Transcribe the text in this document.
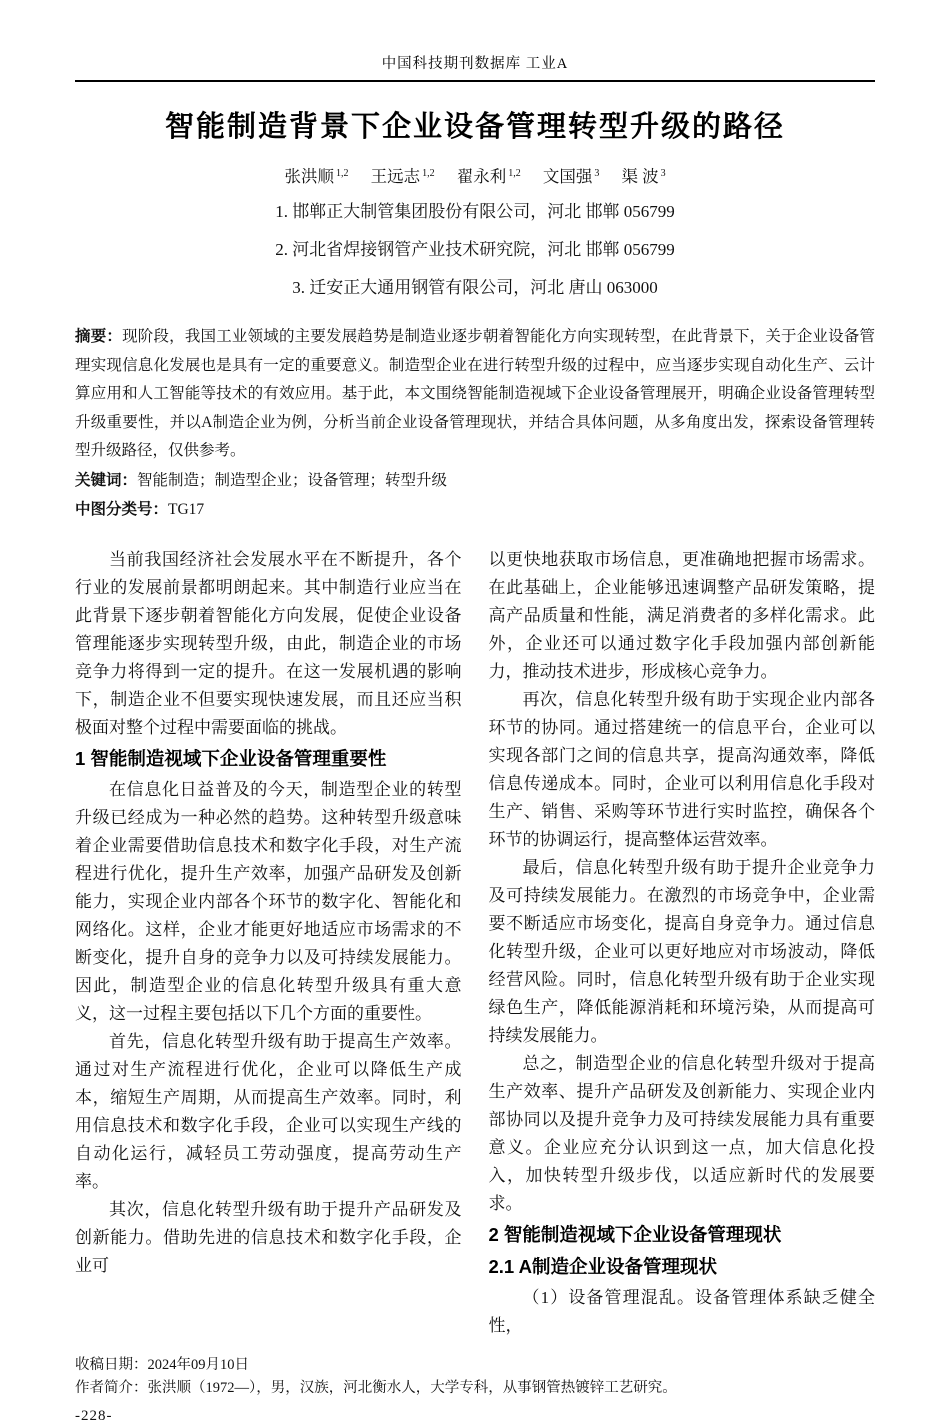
中国科技期刊数据库 工业A
智能制造背景下企业设备管理转型升级的路径
张洪顺 $^{1,2}$ 王远志 $^{1,2}$ 翟永利 $^{1,2}$ 文国强 $^3$ 渠 波 $^3$
1. 邯郸正大制管集团股份有限公司，河北 邯郸 056799
2. 河北省焊接钢管产业技术研究院，河北 邯郸 056799
3. 迁安正大通用钢管有限公司，河北 唐山 063000
摘要：现阶段，我国工业领域的主要发展趋势是制造业逐步朝着智能化方向实现转型，在此背景下，关于企业设备管理实现信息化发展也是具有一定的重要意义。制造型企业在进行转型升级的过程中，应当逐步实现自动化生产、云计算应用和人工智能等技术的有效应用。基于此，本文围绕智能制造视域下企业设备管理展开，明确企业设备管理转型升级重要性，并以A制造企业为例，分析当前企业设备管理现状，并结合具体问题，从多角度出发，探索设备管理转型升级路径，仅供参考。
关键词：智能制造；制造型企业；设备管理；转型升级
中图分类号：TG17

当前我国经济社会发展水平在不断提升，各个行业的发展前景都明朗起来。其中制造行业应当在此背景下逐步朝着智能化方向发展，促使企业设备管理能逐步实现转型升级，由此，制造企业的市场竞争力将得到一定的提升。在这一发展机遇的影响下，制造企业不但要实现快速发展，而且还应当积极面对整个过程中需要面临的挑战。

1 智能制造视域下企业设备管理重要性

在信息化日益普及的今天，制造型企业的转型升级已经成为一种必然的趋势。这种转型升级意味着企业需要借助信息技术和数字化手段，对生产流程进行优化，提升生产效率，加强产品研发及创新能力，实现企业内部各个环节的数字化、智能化和网络化。这样，企业才能更好地适应市场需求的不断变化，提升自身的竞争力以及可持续发展能力。因此，制造型企业的信息化转型升级具有重大意义，这一过程主要包括以下几个方面的重要性。

首先，信息化转型升级有助于提高生产效率。通过对生产流程进行优化，企业可以降低生产成本，缩短生产周期，从而提高生产效率。同时，利用信息技术和数字化手段，企业可以实现生产线的自动化运行，减轻员工劳动强度，提高劳动生产率。

其次，信息化转型升级有助于提升产品研发及创新能力。借助先进的信息技术和数字化手段，企业可

以更快地获取市场信息，更准确地把握市场需求。在此基础上，企业能够迅速调整产品研发策略，提高产品质量和性能，满足消费者的多样化需求。此外，企业还可以通过数字化手段加强内部创新能力，推动技术进步，形成核心竞争力。

再次，信息化转型升级有助于实现企业内部各环节的协同。通过搭建统一的信息平台，企业可以实现各部门之间的信息共享，提高沟通效率，降低信息传递成本。同时，企业可以利用信息化手段对生产、销售、采购等环节进行实时监控，确保各个环节的协调运行，提高整体运营效率。

最后，信息化转型升级有助于提升企业竞争力及可持续发展能力。在激烈的市场竞争中，企业需要不断适应市场变化，提高自身竞争力。通过信息化转型升级，企业可以更好地应对市场波动，降低经营风险。同时，信息化转型升级有助于企业实现绿色生产，降低能源消耗和环境污染，从而提高可持续发展能力。

总之，制造型企业的信息化转型升级对于提高生产效率、提升产品研发及创新能力、实现企业内部协同以及提升竞争力及可持续发展能力具有重要意义。企业应充分认识到这一点，加大信息化投入，加快转型升级步伐，以适应新时代的发展要求。

2 智能制造视域下企业设备管理现状
2.1 A制造企业设备管理现状

（1）设备管理混乱。设备管理体系缺乏健全性，

收稿日期：2024年09月10日
作者简介：张洪顺（1972—），男，汉族，河北衡水人，大学专科，从事钢管热镀锌工艺研究。
-228-
